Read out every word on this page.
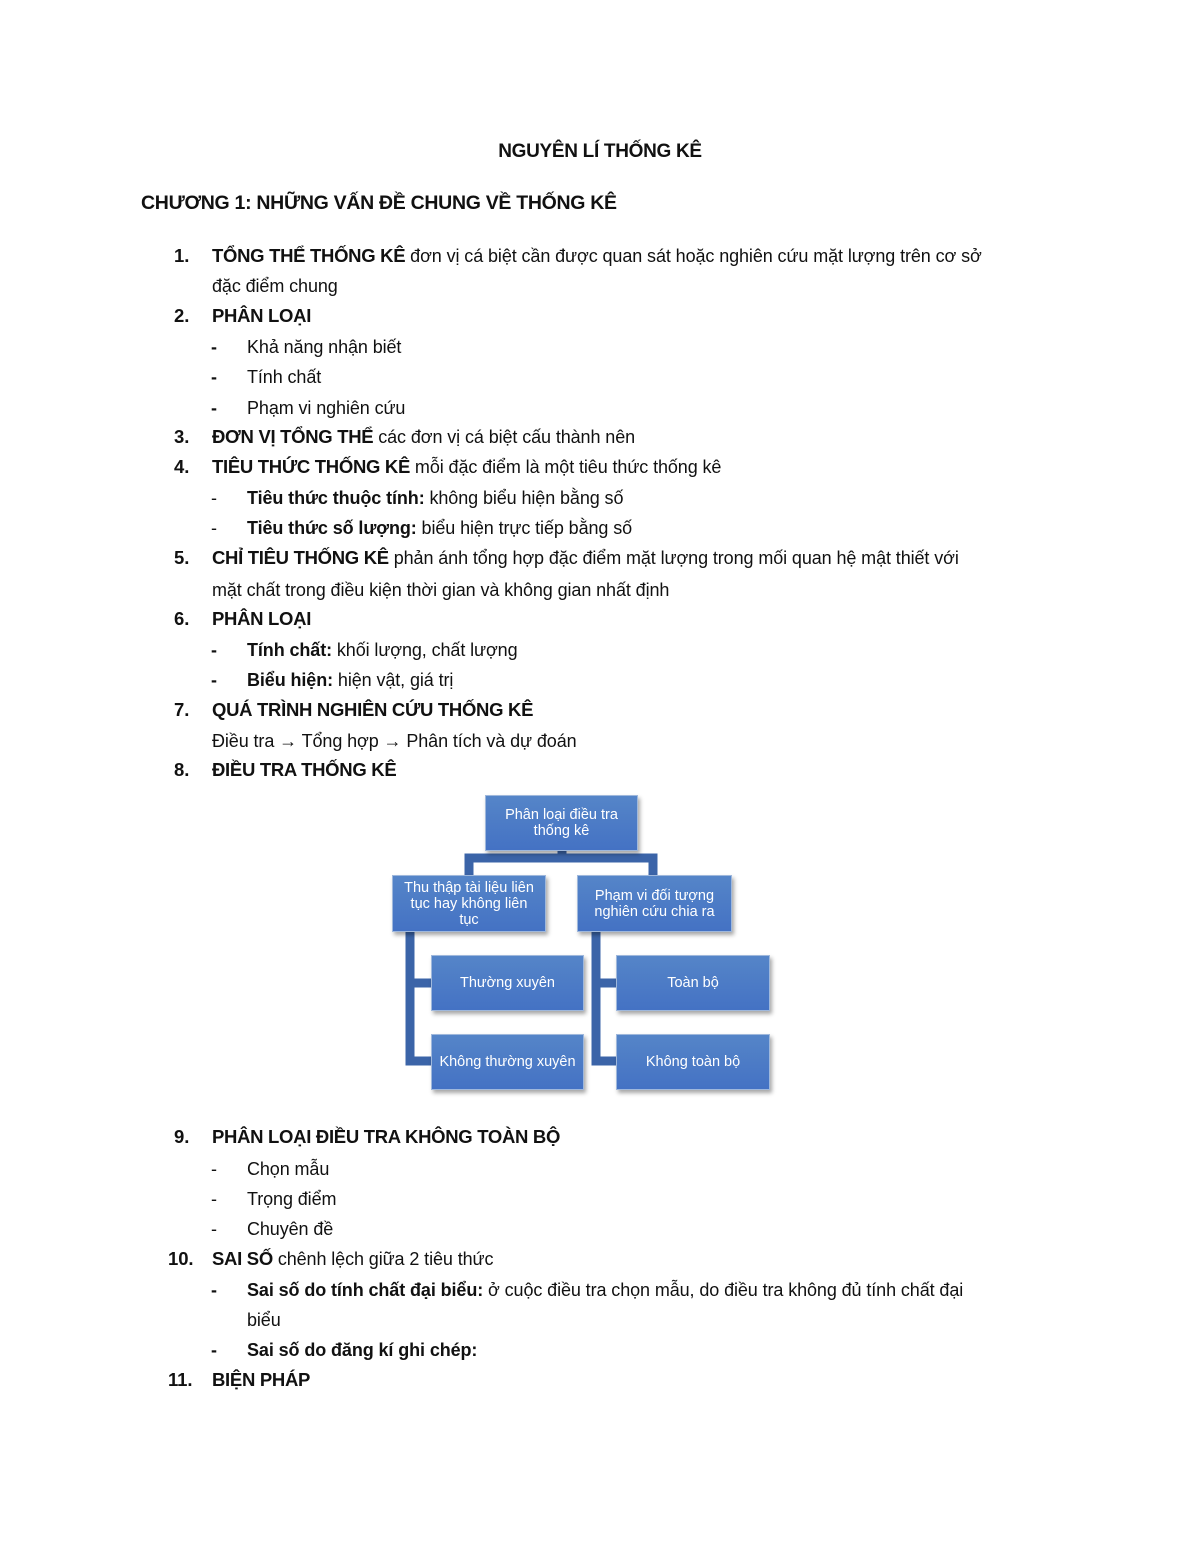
NGUYÊN LÍ THỐNG KÊ
CHƯƠNG 1: NHỮNG VẤN ĐỀ CHUNG VỀ THỐNG KÊ
1. TỔNG THỂ THỐNG KÊ đơn vị cá biệt cần được quan sát hoặc nghiên cứu mặt lượng trên cơ sở
đặc điểm chung
2. PHÂN LOẠI
- Khả năng nhận biết
- Tính chất
- Phạm vi nghiên cứu
3. ĐƠN VỊ TỔNG THỂ các đơn vị cá biệt cấu thành nên
4. TIÊU THỨC THỐNG KÊ mỗi đặc điểm là một tiêu thức thống kê
- Tiêu thức thuộc tính: không biểu hiện bằng số
- Tiêu thức số lượng: biểu hiện trực tiếp bằng số
5. CHỈ TIÊU THỐNG KÊ phản ánh tổng hợp đặc điểm mặt lượng trong mối quan hệ mật thiết với
mặt chất trong điều kiện thời gian và không gian nhất định
6. PHÂN LOẠI
- Tính chất: khối lượng, chất lượng
- Biểu hiện: hiện vật, giá trị
7. QUÁ TRÌNH NGHIÊN CỨU THỐNG KÊ
Điều tra → Tổng hợp → Phân tích và dự đoán
8. ĐIỀU TRA THỐNG KÊ
Phân loại điều tra thống kê
Thu thập tài liệu liên tục hay không liên tục
Phạm vi đối tượng nghiên cứu chia ra
Thường xuyên
Không thường xuyên
Toàn bộ
Không toàn bộ
9. PHÂN LOẠI ĐIỀU TRA KHÔNG TOÀN BỘ
- Chọn mẫu
- Trọng điểm
- Chuyên đề
10. SAI SỐ chênh lệch giữa 2 tiêu thức
- Sai số do tính chất đại biểu: ở cuộc điều tra chọn mẫu, do điều tra không đủ tính chất đại
biểu
- Sai số do đăng kí ghi chép:
11. BIỆN PHÁP
